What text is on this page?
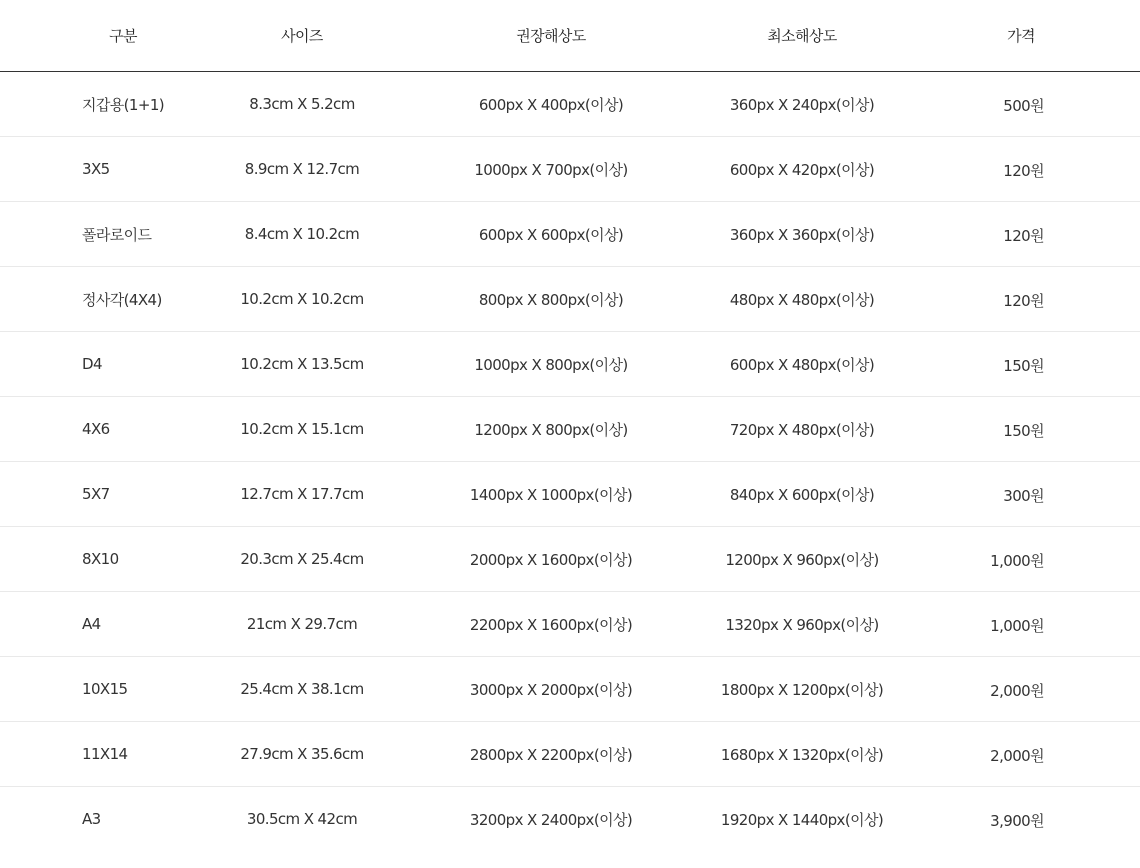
구분	사이즈	권장해상도	최소해상도	가격
지갑용(1+1)	8.3cm X 5.2cm	600px X 400px(이상)	360px X 240px(이상)	500원
3X5	8.9cm X 12.7cm	1000px X 700px(이상)	600px X 420px(이상)	120원
폴라로이드	8.4cm X 10.2cm	600px X 600px(이상)	360px X 360px(이상)	120원
정사각(4X4)	10.2cm X 10.2cm	800px X 800px(이상)	480px X 480px(이상)	120원
D4	10.2cm X 13.5cm	1000px X 800px(이상)	600px X 480px(이상)	150원
4X6	10.2cm X 15.1cm	1200px X 800px(이상)	720px X 480px(이상)	150원
5X7	12.7cm X 17.7cm	1400px X 1000px(이상)	840px X 600px(이상)	300원
8X10	20.3cm X 25.4cm	2000px X 1600px(이상)	1200px X 960px(이상)	1,000원
A4	21cm X 29.7cm	2200px X 1600px(이상)	1320px X 960px(이상)	1,000원
10X15	25.4cm X 38.1cm	3000px X 2000px(이상)	1800px X 1200px(이상)	2,000원
11X14	27.9cm X 35.6cm	2800px X 2200px(이상)	1680px X 1320px(이상)	2,000원
A3	30.5cm X 42cm	3200px X 2400px(이상)	1920px X 1440px(이상)	3,900원
